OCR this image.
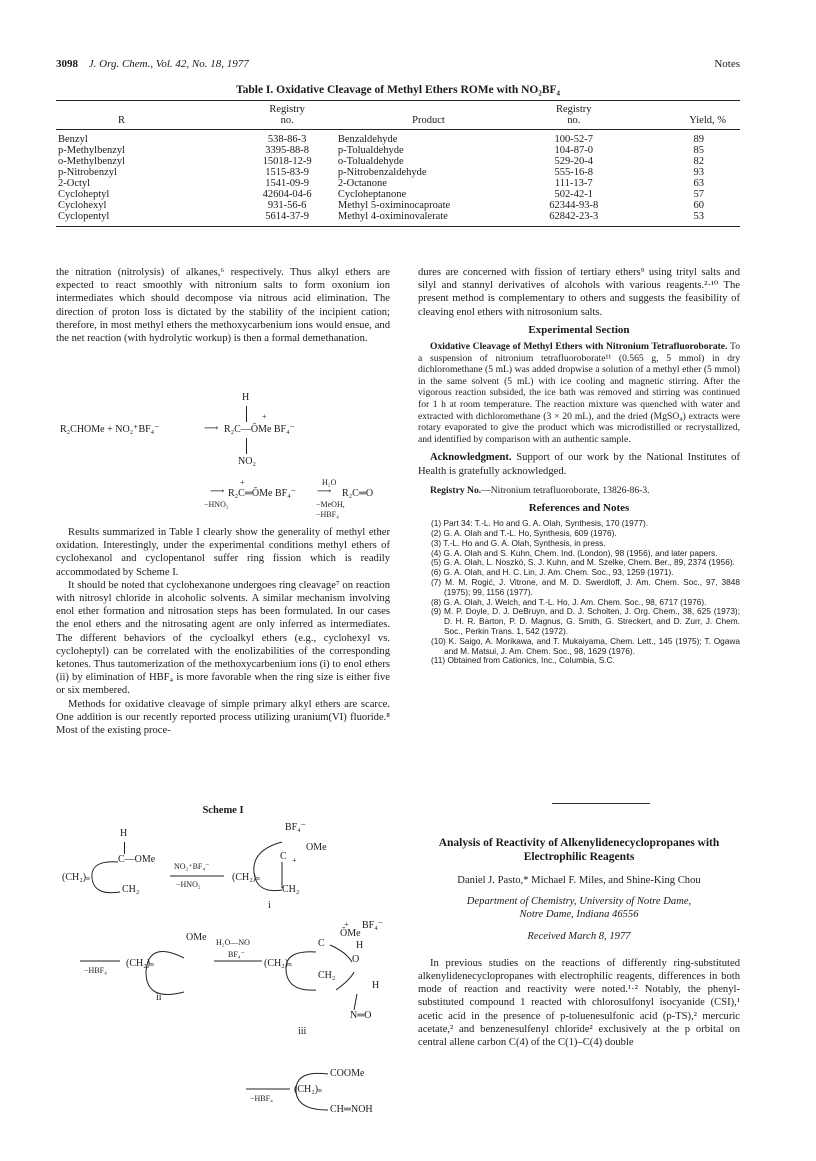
3098 J. Org. Chem., Vol. 42, No. 18, 1977	Notes
Table I. Oxidative Cleavage of Methyl Ethers ROMe with NO₂BF₄
	Registry		Registry	
R	no.	Product	no.	Yield, %
Benzyl	538-86-3	Benzaldehyde	100-52-7	89
p-Methylbenzyl	3395-88-8	p-Tolualdehyde	104-87-0	85
o-Methylbenzyl	15018-12-9	o-Tolualdehyde	529-20-4	82
p-Nitrobenzyl	1515-83-9	p-Nitrobenzaldehyde	555-16-8	93
2-Octyl	1541-09-9	2-Octanone	111-13-7	63
Cycloheptyl	42604-04-6	Cycloheptanone	502-42-1	57
Cyclohexyl	931-56-6	Methyl 5-oximinocaproate	62344-93-8	60
Cyclopentyl	5614-37-9	Methyl 4-oximinovalerate	62842-23-3	53

the nitration (nitrolysis) of alkanes,⁶ respectively. Thus alkyl ethers are expected to react smoothly with nitronium salts to form oxonium ion intermediates which should decompose via nitrous acid elimination. The direction of proton loss is dictated by the stability of the incipient cation; therefore, in most methyl ethers the methoxycarbenium ions would ensue, and the net reaction (with hydrolytic workup) is then a formal demethanation.

H
+
R₂CHOMe + NO₂⁺BF₄⁻	⟶ R₂C—ŎMe BF₄⁻
NO₂
+	H₂O
⟶ R₂C═ŎMe BF₄⁻ ⟶ R₂C═O
−HNO₂	−MeOH,
−HBF₄

Results summarized in Table I clearly show the generality of methyl ether oxidation. Interestingly, under the experimental conditions methyl ethers of cyclohexanol and cyclopentanol suffer ring fission which is readily accommodated by Scheme I.

It should be noted that cyclohexanone undergoes ring cleavage⁷ on reaction with nitrosyl chloride in alcoholic solvents. A similar mechanism involving enol ether formation and nitrosation steps has been formulated. In our cases the enol ethers and the nitrosating agent are only inferred as intermediates. The different behaviors of the cycloalkyl ethers (e.g., cyclohexyl vs. cycloheptyl) can be correlated with the enolizabilities of the corresponding ketones. Thus tautomerization of the methoxycarbenium ions (i) to enol ethers (ii) by elimination of HBF₄ is more favorable when the ring size is either five or six membered.

Methods for oxidative cleavage of simple primary alkyl ethers are scarce. One addition is our recently reported process utilizing uranium(VI) fluoride.⁸ Most of the existing proce-

Scheme I
H
C—OMe
(CH₂)ₙ
CH₂
NO₂⁺BF₄⁻
−HNO₂
BF₄⁻
OMe
C +
(CH₂)ₙ
CH₂
i
−HBF₄
OMe H₂O—NO
BF₄⁻
(CH₂)ₙ
ii
+
ŎMe
BF₄⁻
C	H
O
(CH₂)ₙ
CH₂
H
N═O
iii
−HBF₄
COOMe
(CH₂)ₙ
CH═NOH

dures are concerned with fission of tertiary ethers⁹ using trityl salts and silyl and stannyl derivatives of alcohols with various reagents.²·¹⁰ The present method is complementary to others and suggests the feasibility of cleaving enol ethers with nitrosonium salts.

Experimental Section

Oxidative Cleavage of Methyl Ethers with Nitronium Tetrafluoroborate. To a suspension of nitronium tetrafluoroborate¹¹ (0.565 g, 5 mmol) in dry dichloromethane (5 mL) was added dropwise a solution of a methyl ether (5 mmol) in the same solvent (5 mL) with ice cooling and magnetic stirring. After the vigorous reaction subsided, the ice bath was removed and stirring was continued for 1 h at room temperature. The reaction mixture was quenched with water and extracted with dichloromethane (3 × 20 mL), and the dried (MgSO₄) extracts were rotary evaporated to give the product which was microdistilled or recrystallized, and identified by comparison with an authentic sample.

Acknowledgment. Support of our work by the National Institutes of Health is gratefully acknowledged.

Registry No.—Nitronium tetrafluoroborate, 13826-86-3.

References and Notes
(1) Part 34: T.-L. Ho and G. A. Olah, Synthesis, 170 (1977).
(2) G. A. Olah and T.-L. Ho, Synthesis, 609 (1976).
(3) T.-L. Ho and G. A. Olah, Synthesis, in press.
(4) G. A. Olah and S. Kuhn, Chem. Ind. (London), 98 (1956), and later papers.
(5) G. A. Olah, L. Noszkó, S. J. Kuhn, and M. Szelke, Chem. Ber., 89, 2374 (1956).
(6) G. A. Olah, and H. C. Lin, J. Am. Chem. Soc., 93, 1259 (1971).
(7) M. M. Rogić, J. Vitrone, and M. D. Swerdloff, J. Am. Chem. Soc., 97, 3848 (1975); 99, 1156 (1977).
(8) G. A. Olah, J. Welch, and T.-L. Ho, J. Am. Chem. Soc., 98, 6717 (1976).
(9) M. P. Doyle, D. J. DeBruyn, and D. J. Scholten, J. Org. Chem., 38, 625 (1973); D. H. R. Barton, P. D. Magnus, G. Smith, G. Streckert, and D. Zurr, J. Chem. Soc., Perkin Trans. 1, 542 (1972).
(10) K. Saigo, A. Morikawa, and T. Mukaiyama, Chem. Lett., 145 (1975); T. Ogawa and M. Matsui, J. Am. Chem. Soc., 98, 1629 (1976).
(11) Obtained from Cationics, Inc., Columbia, S.C.
Analysis of Reactivity of Alkenylidenecyclopropanes with Electrophilic Reagents
Daniel J. Pasto,* Michael F. Miles, and Shine-King Chou
Department of Chemistry, University of Notre Dame,
Notre Dame, Indiana 46556
Received March 8, 1977

In previous studies on the reactions of differently ring-substituted alkenylidenecyclopropanes with electrophilic reagents, differences in both mode of reaction and reactivity were noted.¹·² Notably, the phenyl-substituted compound 1 reacted with chlorosulfonyl isocyanide (CSI),¹ acetic acid in the presence of p-toluenesulfonic acid (p-TS),² mercuric acetate,² and benzenesulfenyl chloride² exclusively at the p orbital on central allene carbon C(4) of the C(1)–C(4) double
